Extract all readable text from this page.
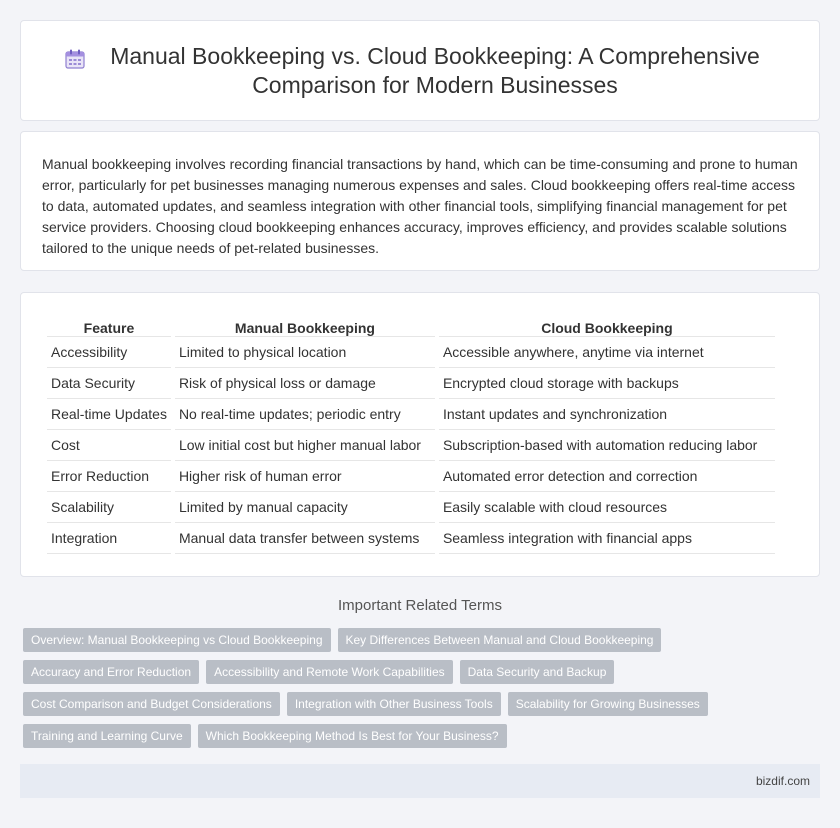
Manual Bookkeeping vs. Cloud Bookkeeping: A Comprehensive Comparison for Modern Businesses

Manual bookkeeping involves recording financial transactions by hand, which can be time-consuming and prone to human error, particularly for pet businesses managing numerous expenses and sales. Cloud bookkeeping offers real-time access to data, automated updates, and seamless integration with other financial tools, simplifying financial management for pet service providers. Choosing cloud bookkeeping enhances accuracy, improves efficiency, and provides scalable solutions tailored to the unique needs of pet-related businesses.

Feature	Manual Bookkeeping	Cloud Bookkeeping
Accessibility	Limited to physical location	Accessible anywhere, anytime via internet
Data Security	Risk of physical loss or damage	Encrypted cloud storage with backups
Real-time Updates	No real-time updates; periodic entry	Instant updates and synchronization
Cost	Low initial cost but higher manual labor	Subscription-based with automation reducing labor
Error Reduction	Higher risk of human error	Automated error detection and correction
Scalability	Limited by manual capacity	Easily scalable with cloud resources
Integration	Manual data transfer between systems	Seamless integration with financial apps
Important Related Terms
Overview: Manual Bookkeeping vs Cloud Bookkeeping	Key Differences Between Manual and Cloud Bookkeeping
Accuracy and Error Reduction	Accessibility and Remote Work Capabilities	Data Security and Backup
Cost Comparison and Budget Considerations	Integration with Other Business Tools	Scalability for Growing Businesses
Training and Learning Curve	Which Bookkeeping Method Is Best for Your Business?
bizdif.com
